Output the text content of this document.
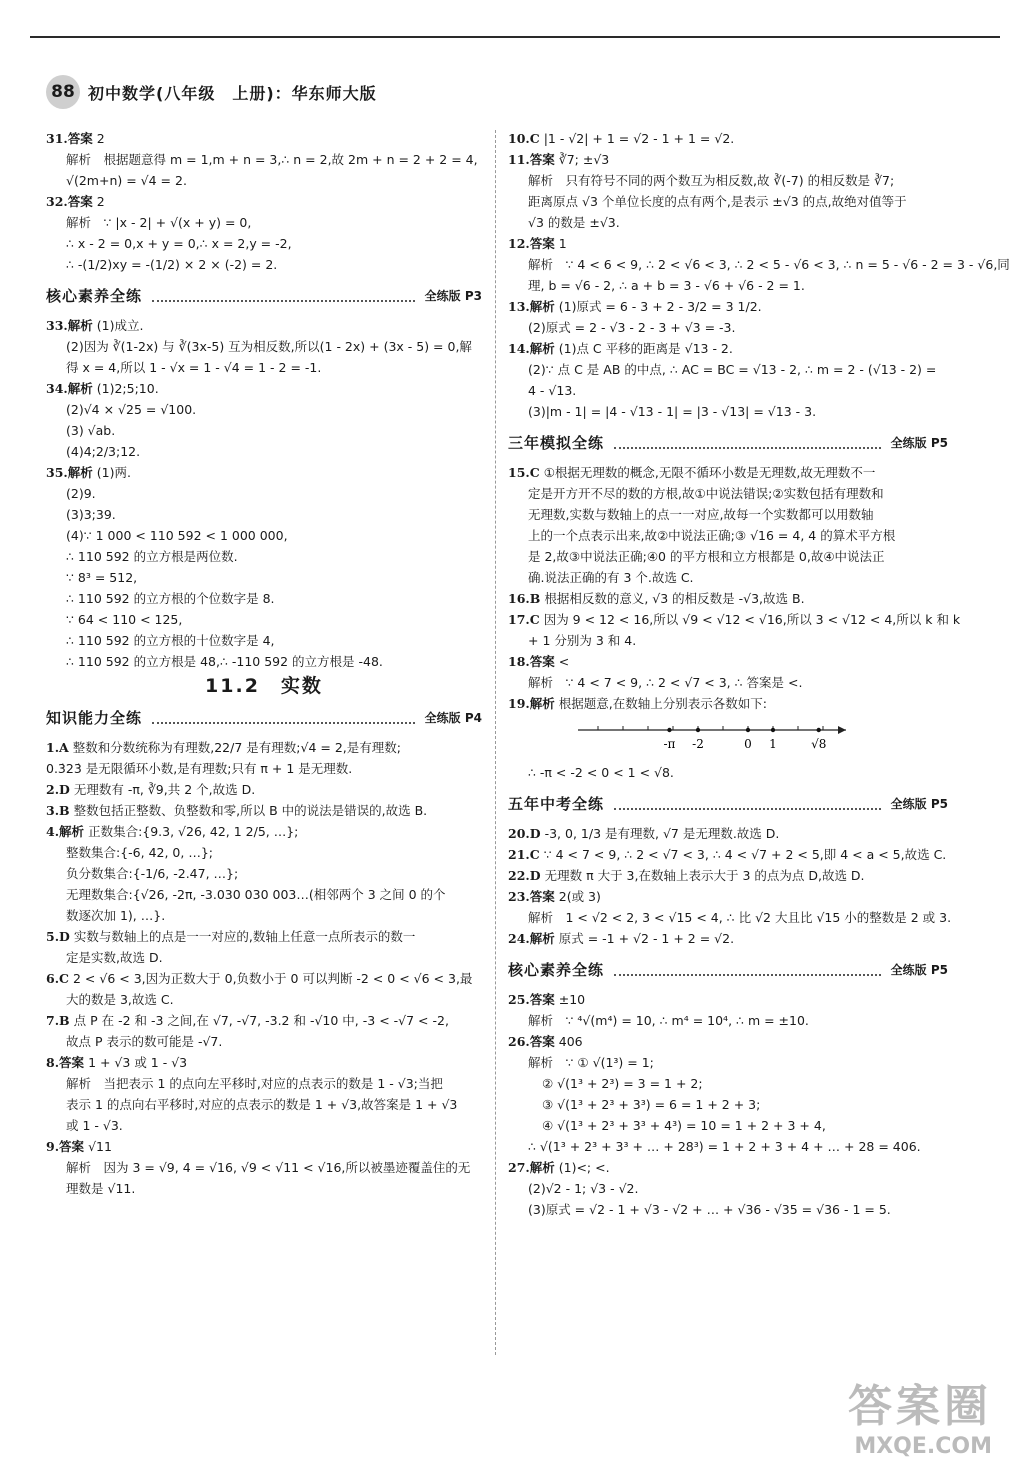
88 初中数学(八年级　上册)：华东师大版
31.答案 2
解析　根据题意得 m = 1,m + n = 3,∴ n = 2,故 2m + n = 2 + 2 = 4,
√(2m+n) = √4 = 2.
32.答案 2
解析　∵ |x - 2| + √(x + y) = 0,
∴ x - 2 = 0,x + y = 0,∴ x = 2,y = -2,
∴ -(1/2)xy = -(1/2) × 2 × (-2) = 2.
核心素养全练	全练版 P3
33.解析 (1)成立.
(2)因为 ∛(1-2x) 与 ∛(3x-5) 互为相反数,所以(1 - 2x) + (3x - 5) = 0,解
得 x = 4,所以 1 - √x = 1 - √4 = 1 - 2 = -1.
34.解析 (1)2;5;10.
(2)√4 × √25 = √100.
(3) √ab.
(4)4;2/3;12.
35.解析 (1)两.
(2)9.
(3)3;39.
(4)∵ 1 000 < 110 592 < 1 000 000,
∴ 110 592 的立方根是两位数.
∵ 8³ = 512,
∴ 110 592 的立方根的个位数字是 8.
∵ 64 < 110 < 125,
∴ 110 592 的立方根的十位数字是 4,
∴ 110 592 的立方根是 48,∴ -110 592 的立方根是 -48.
11.2　实数
知识能力全练	全练版 P4
1.A 整数和分数统称为有理数,22/7 是有理数;√4 = 2,是有理数;
0.3̇23̇ 是无限循环小数,是有理数;只有 π + 1 是无理数.
2.D 无理数有 -π, ∛9,共 2 个,故选 D.
3.B 整数包括正整数、负整数和零,所以 B 中的说法是错误的,故选 B.
4.解析 正数集合:{9.3, √26, 42, 1 2/5, …};
整数集合:{-6, 42, 0, …};
负分数集合:{-1/6, -2.47, …};
无理数集合:{√26, -2π, -3.030 030 003…(相邻两个 3 之间 0 的个
数逐次加 1), …}.
5.D 实数与数轴上的点是一一对应的,数轴上任意一点所表示的数一
定是实数,故选 D.
6.C 2 < √6 < 3,因为正数大于 0,负数小于 0 可以判断 -2 < 0 < √6 < 3,最
大的数是 3,故选 C.
7.B 点 P 在 -2 和 -3 之间,在 √7, -√7, -3.2 和 -√10 中, -3 < -√7 < -2,
故点 P 表示的数可能是 -√7.
8.答案 1 + √3 或 1 - √3
解析　当把表示 1 的点向左平移时,对应的点表示的数是 1 - √3;当把
表示 1 的点向右平移时,对应的点表示的数是 1 + √3,故答案是 1 + √3
或 1 - √3.
9.答案 √11
解析　因为 3 = √9, 4 = √16, √9 < √11 < √16,所以被墨迹覆盖住的无
理数是 √11.
10.C |1 - √2| + 1 = √2 - 1 + 1 = √2.
11.答案 ∛7; ±√3
解析　只有符号不同的两个数互为相反数,故 ∛(-7) 的相反数是 ∛7;
距离原点 √3 个单位长度的点有两个,是表示 ±√3 的点,故绝对值等于
√3 的数是 ±√3.
12.答案 1
解析　∵ 4 < 6 < 9, ∴ 2 < √6 < 3, ∴ 2 < 5 - √6 < 3, ∴ n = 5 - √6 - 2 = 3 - √6,同
理, b = √6 - 2, ∴ a + b = 3 - √6 + √6 - 2 = 1.
13.解析 (1)原式 = 6 - 3 + 2 - 3/2 = 3 1/2.
(2)原式 = 2 - √3 - 2 - 3 + √3 = -3.
14.解析 (1)点 C 平移的距离是 √13 - 2.
(2)∵ 点 C 是 AB 的中点, ∴ AC = BC = √13 - 2, ∴ m = 2 - (√13 - 2) =
4 - √13.
(3)|m - 1| = |4 - √13 - 1| = |3 - √13| = √13 - 3.
三年模拟全练	全练版 P5
15.C ①根据无理数的概念,无限不循环小数是无理数,故无理数不一
定是开方开不尽的数的方根,故①中说法错误;②实数包括有理数和
无理数,实数与数轴上的点一一对应,故每一个实数都可以用数轴
上的一个点表示出来,故②中说法正确;③ √16 = 4, 4 的算术平方根
是 2,故③中说法正确;④0 的平方根和立方根都是 0,故④中说法正
确.说法正确的有 3 个.故选 C.
16.B 根据相反数的意义, √3 的相反数是 -√3,故选 B.
17.C 因为 9 < 12 < 16,所以 √9 < √12 < √16,所以 3 < √12 < 4,所以 k 和 k
+ 1 分别为 3 和 4.
18.答案 <
解析　∵ 4 < 7 < 9, ∴ 2 < √7 < 3, ∴ 答案是 <.
19.解析 根据题意,在数轴上分别表示各数如下:
-π -2	0 1	√8
∴ -π < -2 < 0 < 1 < √8.
五年中考全练	全练版 P5
20.D -3, 0, 1/3 是有理数, √7 是无理数.故选 D.
21.C ∵ 4 < 7 < 9, ∴ 2 < √7 < 3, ∴ 4 < √7 + 2 < 5,即 4 < a < 5,故选 C.
22.D 无理数 π 大于 3,在数轴上表示大于 3 的点为点 D,故选 D.
23.答案 2(或 3)
解析　1 < √2 < 2, 3 < √15 < 4, ∴ 比 √2 大且比 √15 小的整数是 2 或 3.
24.解析 原式 = -1 + √2 - 1 + 2 = √2.
核心素养全练	全练版 P5
25.答案 ±10
解析　∵ ⁴√(m⁴) = 10, ∴ m⁴ = 10⁴, ∴ m = ±10.
26.答案 406
解析　∵ ① √(1³) = 1;
② √(1³ + 2³) = 3 = 1 + 2;
③ √(1³ + 2³ + 3³) = 6 = 1 + 2 + 3;
④ √(1³ + 2³ + 3³ + 4³) = 10 = 1 + 2 + 3 + 4,
∴ √(1³ + 2³ + 3³ + … + 28³) = 1 + 2 + 3 + 4 + … + 28 = 406.
27.解析 (1)<; <.
(2)√2 - 1; √3 - √2.
(3)原式 = √2 - 1 + √3 - √2 + … + √36 - √35 = √36 - 1 = 5.
答案圈
MXQE.COM
